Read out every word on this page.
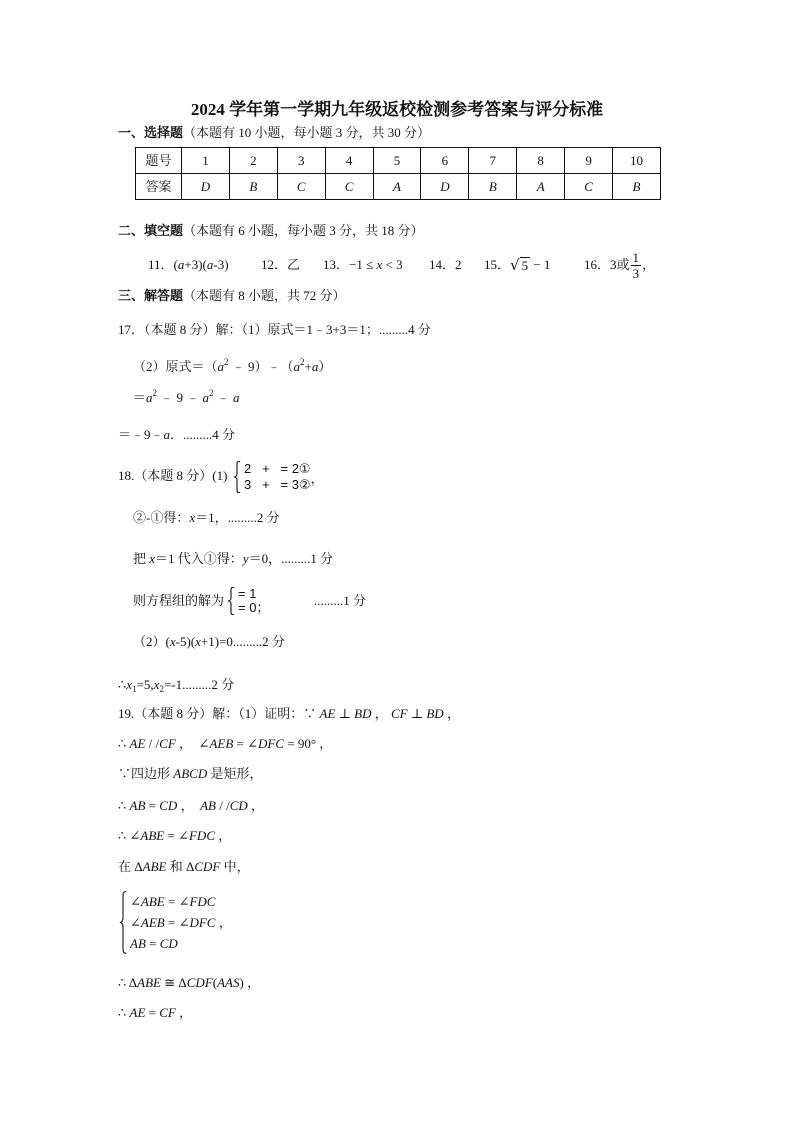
2024 学年第一学期九年级返校检测参考答案与评分标准
一、选择题（本题有 10 小题，每小题 3 分，共 30 分）
题号	1	2	3	4	5	6	7	8	9	10
答案	D	B	C	C	A	D	B	A	C	B
二、填空题（本题有 6 小题，每小题 3 分，共 18 分）
11． (a+3)(a-3) 12． 乙 13． −1 ≤ x < 3 14． 2 15． √ 5 − 1	16． 3或 $\frac{1}{3}$ ，
三、解答题（本题有 8 小题，共 72 分）
17．（本题 8 分）解：（1）原式＝1﹣3+3＝1；.........4 分
（2）原式$=(a^2$ ﹣ $9)﹣(a^2+a)$
$=a^2$ ﹣ 9 ﹣ $a^2$ ﹣ a
＝﹣9﹣a．.........4 分
18.（本题 8 分）(1) 2   +   = 2①
3   +   = 3② ，
②-①得：x＝1，.........2 分
把 x＝1 代入①得：y＝0，.........1 分
则方程组的解为 = 1
= 0；	.........1 分
（2）(x-5)(x+1)=0.........2 分
$\therefore x_1=5,x_2=-1.........2$ 分
19.（本题 8 分）解：（1）证明：∵ AE ⊥ BD ， CF ⊥ BD ，
∴ AE / /CF ，  ∠AEB = ∠DFC = 90° ，
∵四边形 ABCD 是矩形，
∴ AB = CD ，  AB / /CD ，
∴ ∠ABE = ∠FDC ，
在 ΔABE 和 ΔCDF 中，
∠ABE = ∠FDC
∠AEB = ∠DFC ，
AB = CD
∴ ΔABE ≅ ΔCDF(AAS) ，
∴ AE = CF ，
